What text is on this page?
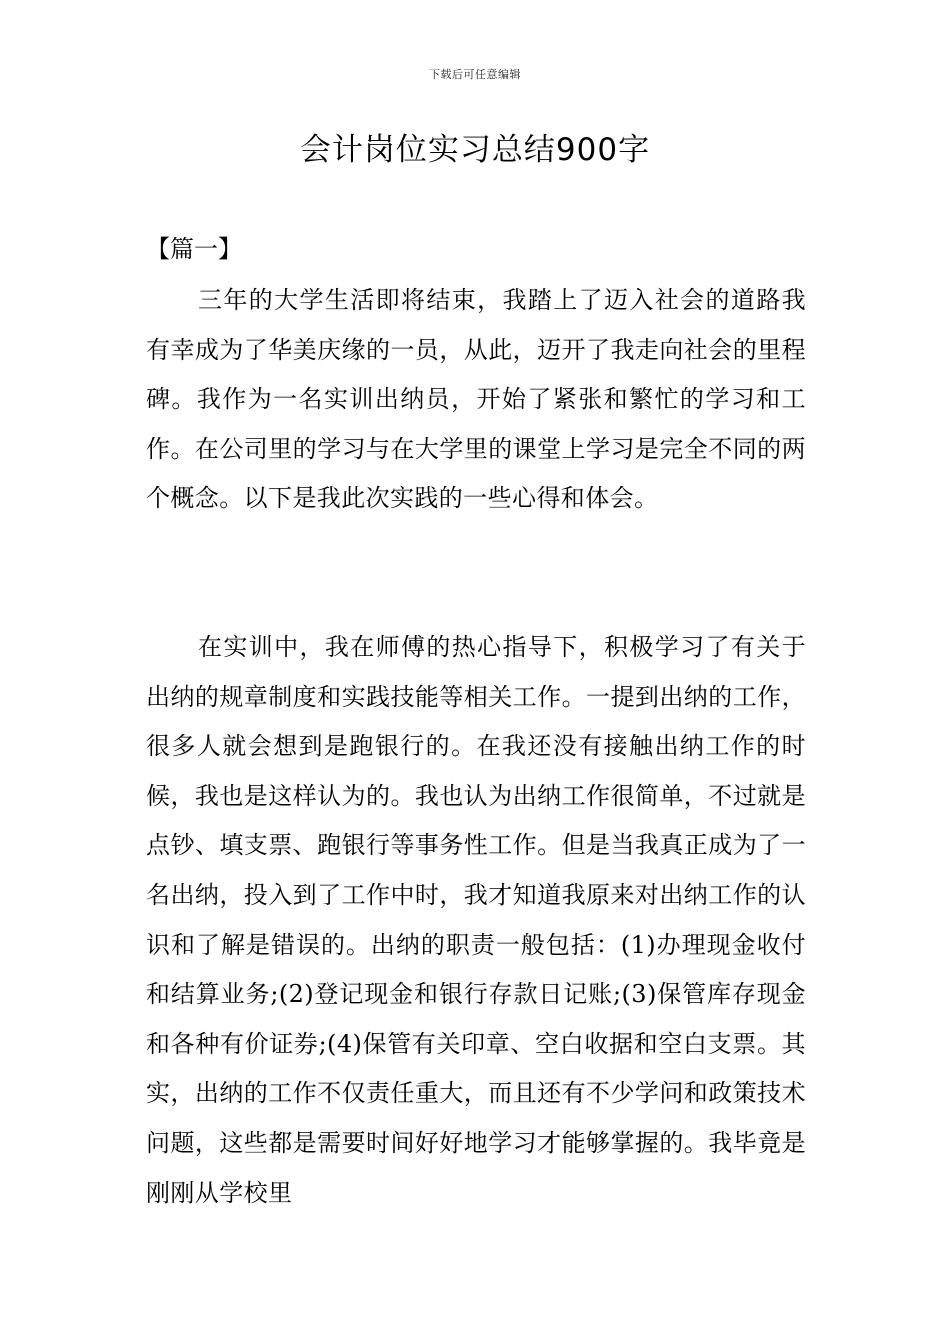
下载后可任意编辑
会计岗位实习总结900字
【篇一】

三年的大学生活即将结束，我踏上了迈入社会的道路我有幸成为了华美庆缘的一员，从此，迈开了我走向社会的里程碑。我作为一名实训出纳员，开始了紧张和繁忙的学习和工作。在公司里的学习与在大学里的课堂上学习是完全不同的两个概念。以下是我此次实践的一些心得和体会。

在实训中，我在师傅的热心指导下，积极学习了有关于出纳的规章制度和实践技能等相关工作。一提到出纳的工作，很多人就会想到是跑银行的。在我还没有接触出纳工作的时候，我也是这样认为的。我也认为出纳工作很简单，不过就是点钞、填支票、跑银行等事务性工作。但是当我真正成为了一名出纳，投入到了工作中时，我才知道我原来对出纳工作的认识和了解是错误的。出纳的职责一般包括：(1)办理现金收付和结算业务;(2)登记现金和银行存款日记账;(3)保管库存现金和各种有价证券;(4)保管有关印章、空白收据和空白支票。其实，出纳的工作不仅责任重大，而且还有不少学问和政策技术问题，这些都是需要时间好好地学习才能够掌握的。我毕竟是刚刚从学校里
